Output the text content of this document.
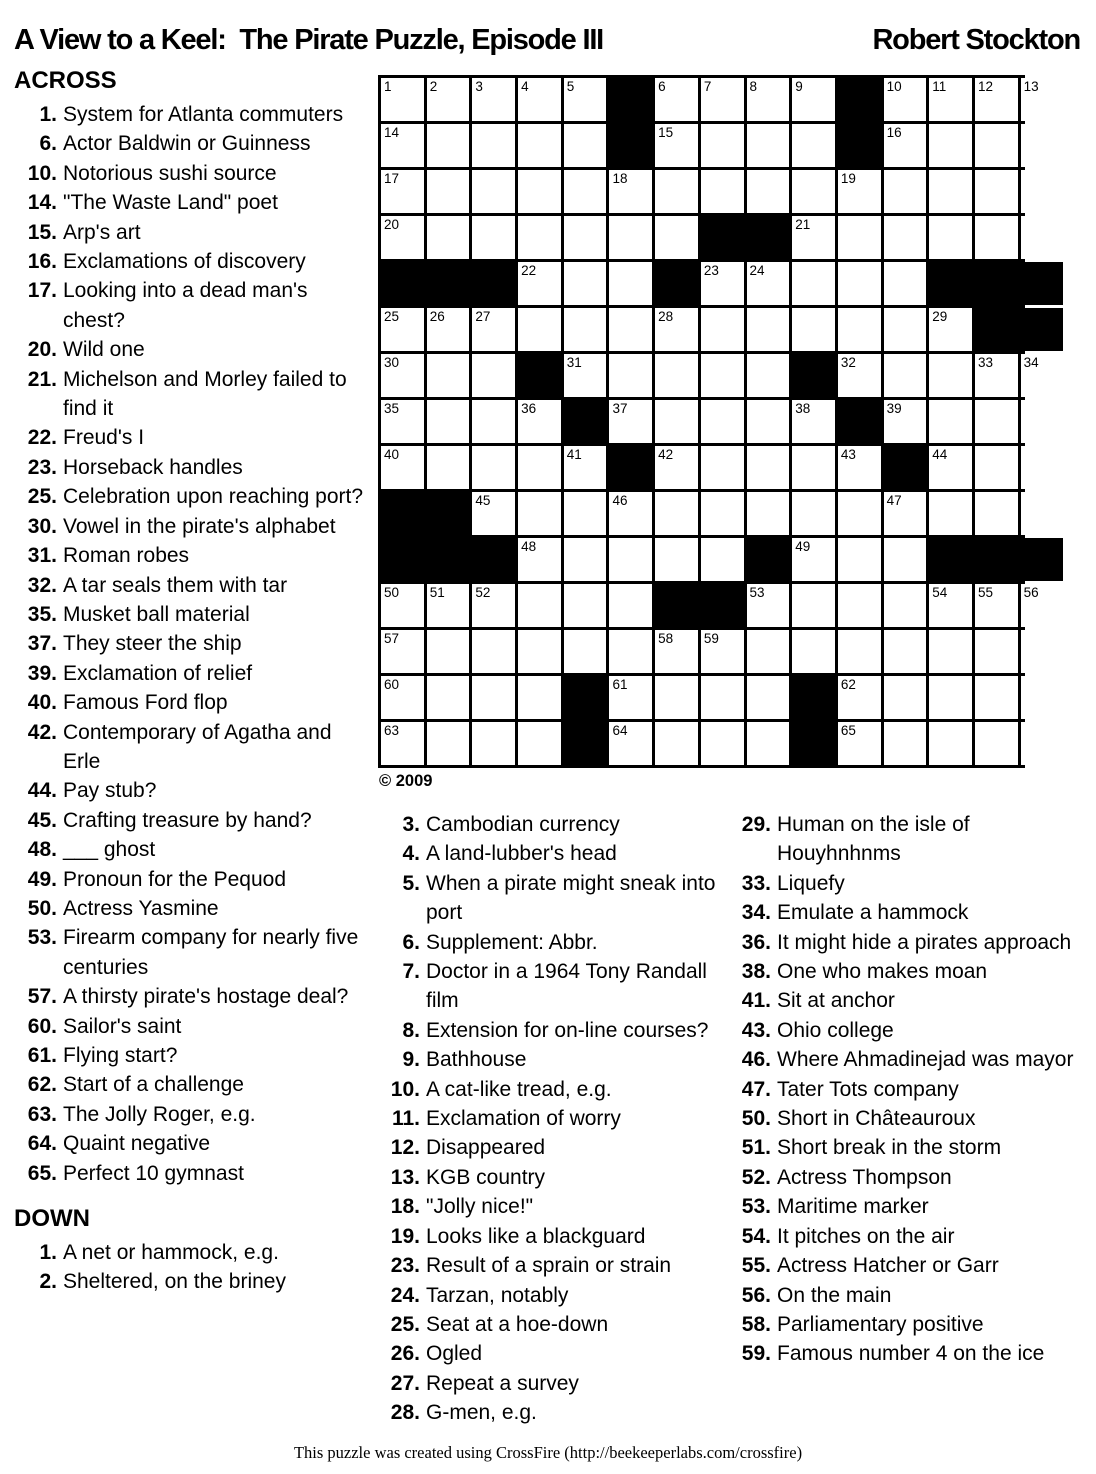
A View to a Keel:  The Pirate Puzzle, Episode III	Robert Stockton
ACROSS
1. System for Atlanta commuters
6. Actor Baldwin or Guinness
10. Notorious sushi source
14. "The Waste Land" poet
15. Arp's art
16. Exclamations of discovery
17. Looking into a dead man's chest?
20. Wild one
21. Michelson and Morley failed to find it
22. Freud's I
23. Horseback handles
25. Celebration upon reaching port?
30. Vowel in the pirate's alphabet
31. Roman robes
32. A tar seals them with tar
35. Musket ball material
37. They steer the ship
39. Exclamation of relief
40. Famous Ford flop
42. Contemporary of Agatha and Erle
44. Pay stub?
45. Crafting treasure by hand?
48. ___ ghost
49. Pronoun for the Pequod
50. Actress Yasmine
53. Firearm company for nearly five centuries
57. A thirsty pirate's hostage deal?
60. Sailor's saint
61. Flying start?
62. Start of a challenge
63. The Jolly Roger, e.g.
64. Quaint negative
65. Perfect 10 gymnast
DOWN
1. A net or hammock, e.g.
2. Sheltered, on the briney
1	2	3	4	5	6	7	8	9	10 11 12 13
14	15	16
17	18	19
20	21
22	23 24
25 26 27	28	29
30	31	32	33 34
35	36	37	38	39
40	41	42	43	44
45	46	47
48	49
50 51 52	53	54 55 56
57	58 59
60	61	62
63	64	65
© 2009
3. Cambodian currency
4. A land-lubber's head
5. When a pirate might sneak into port
6. Supplement: Abbr.
7. Doctor in a 1964 Tony Randall film
8. Extension for on-line courses?
9. Bathhouse
10. A cat-like tread, e.g.
11. Exclamation of worry
12. Disappeared
13. KGB country
18. "Jolly nice!"
19. Looks like a blackguard
23. Result of a sprain or strain
24. Tarzan, notably
25. Seat at a hoe-down
26. Ogled
27. Repeat a survey
28. G-men, e.g.
29. Human on the isle of Houyhnhnms
33. Liquefy
34. Emulate a hammock
36. It might hide a pirates approach
38. One who makes moan
41. Sit at anchor
43. Ohio college
46. Where Ahmadinejad was mayor
47. Tater Tots company
50. Short in Châteauroux
51. Short break in the storm
52. Actress Thompson
53. Maritime marker
54. It pitches on the air
55. Actress Hatcher or Garr
56. On the main
58. Parliamentary positive
59. Famous number 4 on the ice
This puzzle was created using CrossFire (http://beekeeperlabs.com/crossfire)
